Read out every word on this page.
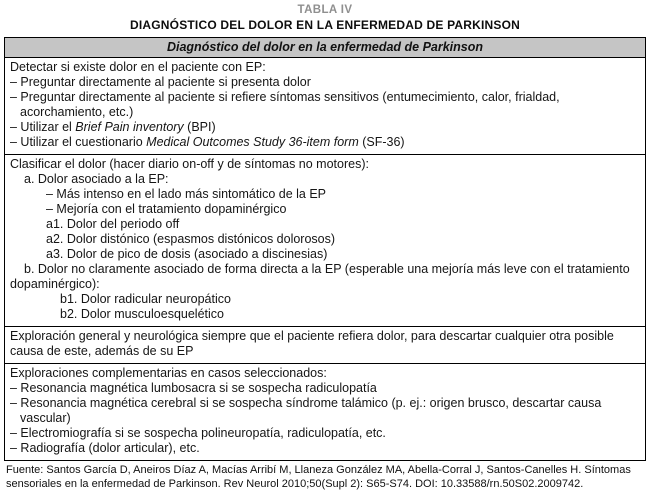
TABLA IV
DIAGNÓSTICO DEL DOLOR EN LA ENFERMEDAD DE PARKINSON
Diagnóstico del dolor en la enfermedad de Parkinson
Detectar si existe dolor en el paciente con EP:
– Preguntar directamente al paciente si presenta dolor
– Preguntar directamente al paciente si refiere síntomas sensitivos (entumecimiento, calor, frialdad, acorchamiento, etc.)
– Utilizar el Brief Pain inventory (BPI)
– Utilizar el cuestionario Medical Outcomes Study 36-item form (SF-36)
Clasificar el dolor (hacer diario on-off y de síntomas no motores):
a. Dolor asociado a la EP:
– Más intenso en el lado más sintomático de la EP
– Mejoría con el tratamiento dopaminérgico
a1. Dolor del periodo off
a2. Dolor distónico (espasmos distónicos dolorosos)
a3. Dolor de pico de dosis (asociado a discinesias)
b. Dolor no claramente asociado de forma directa a la EP (esperable una mejoría más leve con el tratamiento dopaminérgico):
b1. Dolor radicular neuropático
b2. Dolor musculoesquelético
Exploración general y neurológica siempre que el paciente refiera dolor, para descartar cualquier otra posible causa de este, además de su EP
Exploraciones complementarias en casos seleccionados:
– Resonancia magnética lumbosacra si se sospecha radiculopatía
– Resonancia magnética cerebral si se sospecha síndrome talámico (p. ej.: origen brusco, descartar causa vascular)
– Electromiografía si se sospecha polineuropatía, radiculopatía, etc.
– Radiografía (dolor articular), etc.
Fuente: Santos García D, Aneiros Díaz A, Macías Arribí M, Llaneza González MA, Abella-Corral J, Santos-Canelles H. Síntomas sensoriales en la enfermedad de Parkinson. Rev Neurol 2010;50(Supl 2): S65-S74. DOI: 10.33588/rn.50S02.2009742.
